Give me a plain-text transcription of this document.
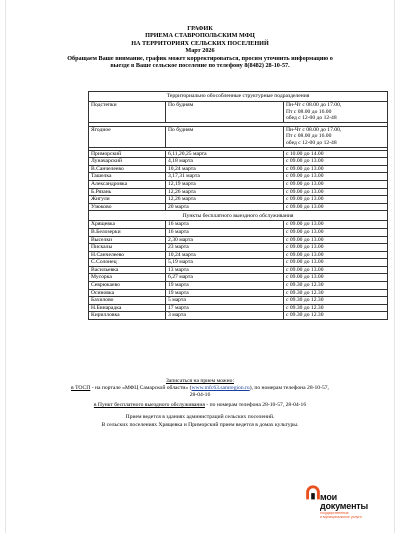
ГРАФИК
ПРИЕМА СТАВРОПОЛЬСКИМ МФЦ
НА ТЕРРИТОРИЯХ СЕЛЬСКИХ ПОСЕЛЕНИЙ
Март 2026
Обращаем Ваше внимание, график может корректироваться, просим уточнить информацию о
выезде в Ваше сельское поселение по телефону 8(8482) 28-10-57.
Территориально обособленные структурные подразделения		
Подстепки	По будням	Пн-Чт с 08.00 до 17.00,
Пт с 08.00 до 16.00
обед с 12-00 до 12-48

Ягодное	По будням	Пн-Чт с 08.00 до 17.00,
Пт с 08.00 до 16.00
обед с 12-00 до 12-48

Приморский	6,11,20,25 марта	с 10.00 до 14.00
Луначарский	4,18 марта	с 09.00 до 13.00
В.Санчелеево	10,24 марта	с 09.00 до 13.00
Ташелка	3,17,31 марта	с 09.00 до 13.00
Александровка	12,19 марта	с 09.00 до 13.00
Б.Рязань	12,26 марта	с 09.00 до 13.00
Жигули	12,26 марта	с 09.00 до 13.00
Узюково	20 марта	с 09.00 до 13.00
Пункты бесплатного выездного обслуживания		
Хрящевка	16 марта	с 09.00 до 13.00
В.Белозерки	16 марта	с 09.00 до 13.00
Выселки	2,30 марта	с 09.00 до 13.00
Пискалы	23 марта	с 09.00 до 13.00
Н.Санчелеево	10,24 марта	с 09.00 до 13.00
С.Солонец	5,19 марта	с 09.00 до 13.00
Васильевка	13 марта	с 09.00 до 13.00
Мусорка	6,27 марта	с 09.00 до 13.00
Севрюкаево	19 марта	с 09.30 до 12.30
Осиновка	19 марта	с 09.30 до 12.30
Бахилово	5 марта	с 09.30 до 12.30
Н.Бинарадка	17 марта	с 09.30 до 12.30
Кирилловка	3 марта	с 09.30 до 12.30
Записаться на прием можно:
в ТОСП - на портале «МФЦ Самарской области» (www.mfc63.samregion.ru), по номерам телефона 28-10-57,
28-04-16
в Пункт бесплатного выездного обслуживания - по номерам телефона 28-10-57, 28-04-16
Прием ведется в зданиях администраций сельских поселений.
В сельских поселениях Хрящевка и Приморский прием ведется в домах культуры.
мои
документы
государственные
и муниципальные услуги
